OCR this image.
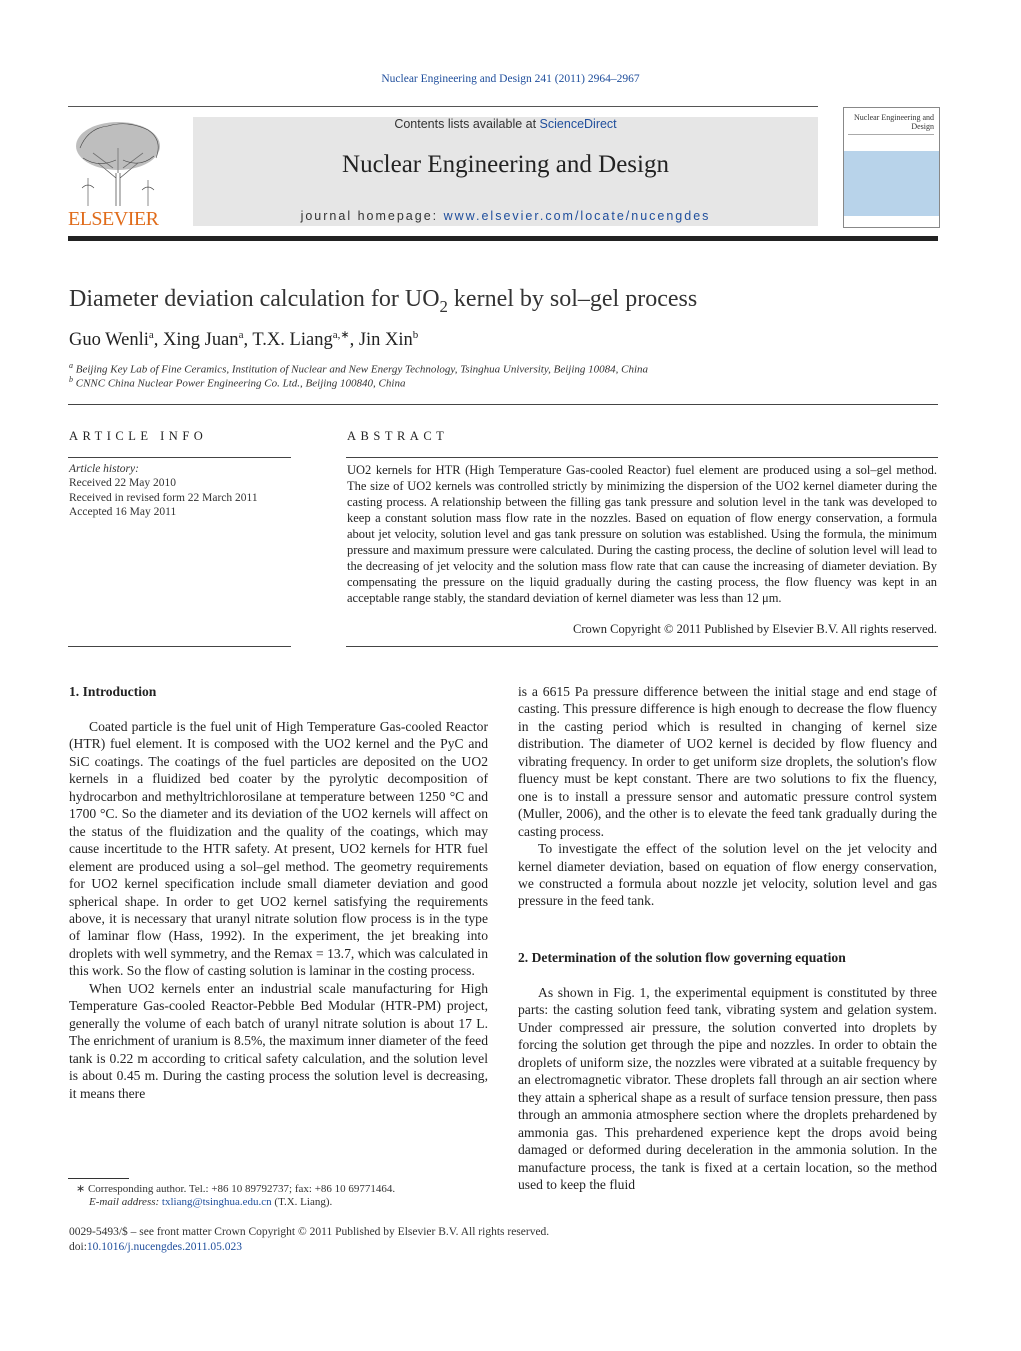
Nuclear Engineering and Design 241 (2011) 2964–2967
ELSEVIER
Contents lists available at ScienceDirect
Nuclear Engineering and Design
journal homepage: www.elsevier.com/locate/nucengdes
Nuclear Engineering and Design
Diameter deviation calculation for $UO_2$ kernel by sol–gel process
Guo Wenli$^a$, Xing Juan$^a$, T.X. Liang$^{a,∗}$, Jin Xin$^b$
$^a$ Beijing Key Lab of Fine Ceramics, Institution of Nuclear and New Energy Technology, Tsinghua University, Beijing 10084, China
$^b$ CNNC China Nuclear Power Engineering Co. Ltd., Beijing 100840, China
ARTICLE INFO
Article history:
Received 22 May 2010
Received in revised form 22 March 2011
Accepted 16 May 2011
ABSTRACT
UO2 kernels for HTR (High Temperature Gas-cooled Reactor) fuel element are produced using a sol–gel method. The size of UO2 kernels was controlled strictly by minimizing the dispersion of the UO2 kernel diameter during the casting process. A relationship between the filling gas tank pressure and solution level in the tank was developed to keep a constant solution mass flow rate in the nozzles. Based on equation of flow energy conservation, a formula about jet velocity, solution level and gas tank pressure on solution was established. Using the formula, the minimum pressure and maximum pressure were calculated. During the casting process, the decline of solution level will lead to the decreasing of jet velocity and the solution mass flow rate that can cause the increasing of diameter deviation. By compensating the pressure on the liquid gradually during the casting process, the flow fluency was kept in an acceptable range stably, the standard deviation of kernel diameter was less than 12 μm.
Crown Copyright © 2011 Published by Elsevier B.V. All rights reserved.
1. Introduction

Coated particle is the fuel unit of High Temperature Gas-cooled Reactor (HTR) fuel element. It is composed with the UO2 kernel and the PyC and SiC coatings. The coatings of the fuel particles are deposited on the UO2 kernels in a fluidized bed coater by the pyrolytic decomposition of hydrocarbon and methyltrichlorosilane at temperature between 1250 °C and 1700 °C. So the diameter and its deviation of the UO2 kernels will affect on the status of the fluidization and the quality of the coatings, which may cause incertitude to the HTR safety. At present, UO2 kernels for HTR fuel element are produced using a sol–gel method. The geometry requirements for UO2 kernel specification include small diameter deviation and good spherical shape. In order to get UO2 kernel satisfying the requirements above, it is necessary that uranyl nitrate solution flow process is in the type of laminar flow (Hass, 1992). In the experiment, the jet breaking into droplets with well symmetry, and the Remax = 13.7, which was calculated in this work. So the flow of casting solution is laminar in the costing process.

When UO2 kernels enter an industrial scale manufacturing for High Temperature Gas-cooled Reactor-Pebble Bed Modular (HTR-PM) project, generally the volume of each batch of uranyl nitrate solution is about 17 L. The enrichment of uranium is 8.5%, the maximum inner diameter of the feed tank is 0.22 m according to critical safety calculation, and the solution level is about 0.45 m. During the casting process the solution level is decreasing, it means there

is a 6615 Pa pressure difference between the initial stage and end stage of casting. This pressure difference is high enough to decrease the flow fluency in the casting period which is resulted in changing of kernel size distribution. The diameter of UO2 kernel is decided by flow fluency and vibrating frequency. In order to get uniform size droplets, the solution's flow fluency must be kept constant. There are two solutions to fix the fluency, one is to install a pressure sensor and automatic pressure control system (Muller, 2006), and the other is to elevate the feed tank gradually during the casting process.

To investigate the effect of the solution level on the jet velocity and kernel diameter deviation, based on equation of flow energy conservation, we constructed a formula about nozzle jet velocity, solution level and gas pressure in the feed tank.

2. Determination of the solution flow governing equation

As shown in Fig. 1, the experimental equipment is constituted by three parts: the casting solution feed tank, vibrating system and gelation system. Under compressed air pressure, the solution converted into droplets by forcing the solution get through the pipe and nozzles. In order to obtain the droplets of uniform size, the nozzles were vibrated at a suitable frequency by an electromagnetic vibrator. These droplets fall through an air section where they attain a spherical shape as a result of surface tension pressure, then pass through an ammonia atmosphere section where the droplets prehardened by ammonia gas. This prehardened experience kept the drops avoid being damaged or deformed during deceleration in the ammonia solution. In the manufacture process, the tank is fixed at a certain location, so the method used to keep the fluid

∗ Corresponding author. Tel.: +86 10 89792737; fax: +86 10 69771464.
E-mail address: txliang@tsinghua.edu.cn (T.X. Liang).
0029-5493/$ – see front matter Crown Copyright © 2011 Published by Elsevier B.V. All rights reserved.
doi:10.1016/j.nucengdes.2011.05.023
